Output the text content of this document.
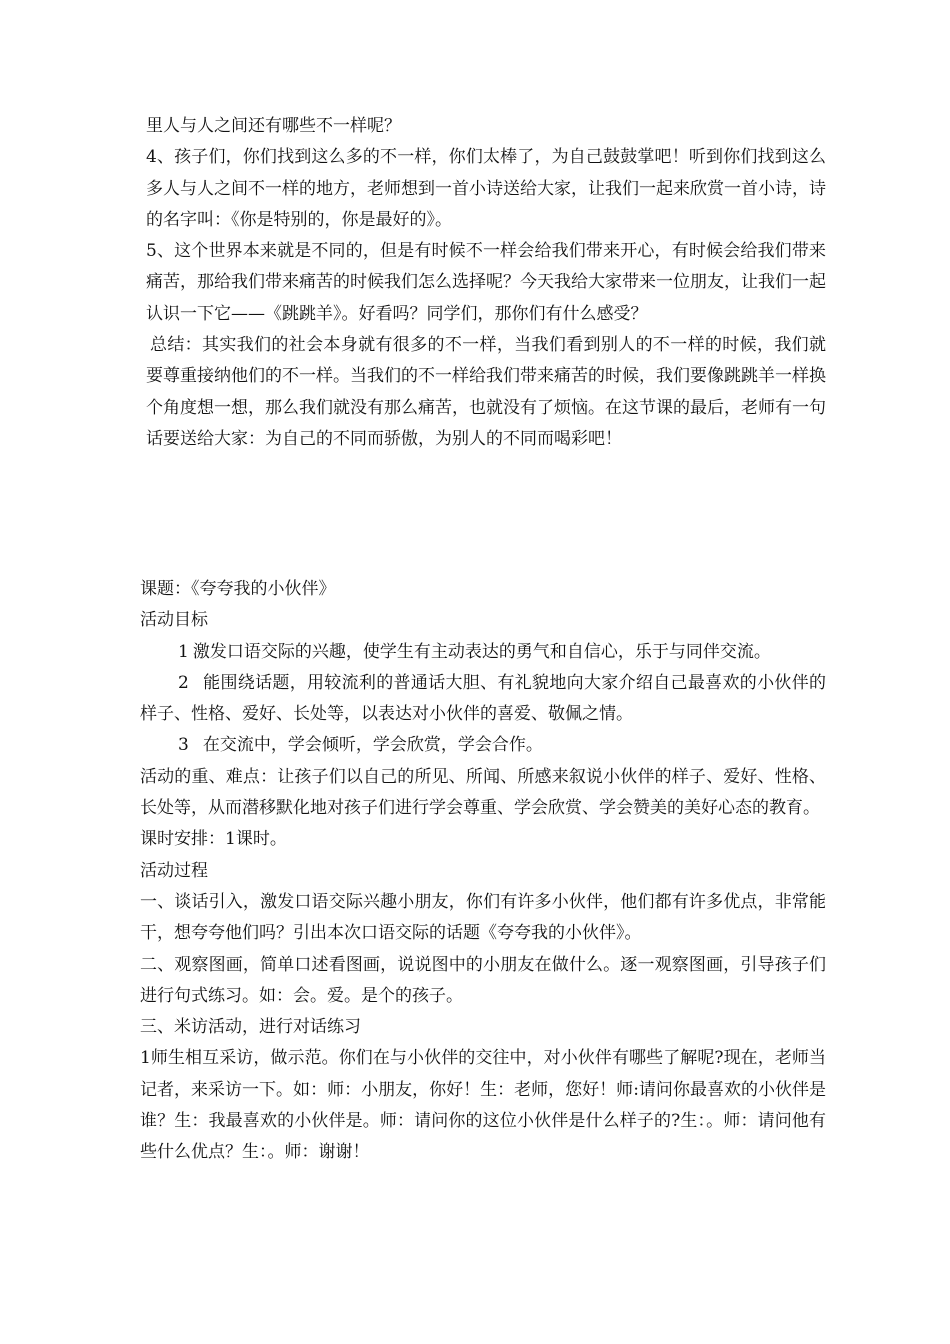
里人与人之间还有哪些不一样呢？

4、孩子们，你们找到这么多的不一样，你们太棒了，为自己鼓鼓掌吧！听到你们找到这么多人与人之间不一样的地方，老师想到一首小诗送给大家，让我们一起来欣赏一首小诗，诗的名字叫：《你是特别的，你是最好的》。

5、这个世界本来就是不同的，但是有时候不一样会给我们带来开心，有时候会给我们带来痛苦，那给我们带来痛苦的时候我们怎么选择呢？今天我给大家带来一位朋友，让我们一起认识一下它——《跳跳羊》。好看吗？同学们，那你们有什么感受？

总结：其实我们的社会本身就有很多的不一样，当我们看到别人的不一样的时候，我们就要尊重接纳他们的不一样。当我们的不一样给我们带来痛苦的时候，我们要像跳跳羊一样换个角度想一想，那么我们就没有那么痛苦，也就没有了烦恼。在这节课的最后，老师有一句话要送给大家：为自己的不同而骄傲，为别人的不同而喝彩吧！

课题：《夸夸我的小伙伴》

活动目标

1 激发口语交际的兴趣，使学生有主动表达的勇气和自信心，乐于与同伴交流。

2 能围绕话题，用较流利的普通话大胆、有礼貌地向大家介绍自己最喜欢的小伙伴的样子、性格、爱好、长处等，以表达对小伙伴的喜爱、敬佩之情。

3 在交流中，学会倾听，学会欣赏，学会合作。

活动的重、难点：让孩子们以自己的所见、所闻、所感来叙说小伙伴的样子、爱好、性格、长处等，从而潜移默化地对孩子们进行学会尊重、学会欣赏、学会赞美的美好心态的教育。

课时安排：1课时。

活动过程

一、谈话引入，激发口语交际兴趣小朋友，你们有许多小伙伴，他们都有许多优点，非常能干，想夸夸他们吗？引出本次口语交际的话题《夸夸我的小伙伴》。

二、观察图画，简单口述看图画，说说图中的小朋友在做什么。逐一观察图画，引导孩子们进行句式练习。如：会。爱。是个的孩子。

三、米访活动，进行对话练习

1师生相互采访，做示范。你们在与小伙伴的交往中，对小伙伴有哪些了解呢?现在，老师当记者，来采访一下。如：师：小朋友，你好！生：老师，您好！师:请问你最喜欢的小伙伴是谁？生：我最喜欢的小伙伴是。师：请问你的这位小伙伴是什么样子的?生：。师：请问他有些什么优点？生：。师：谢谢！
